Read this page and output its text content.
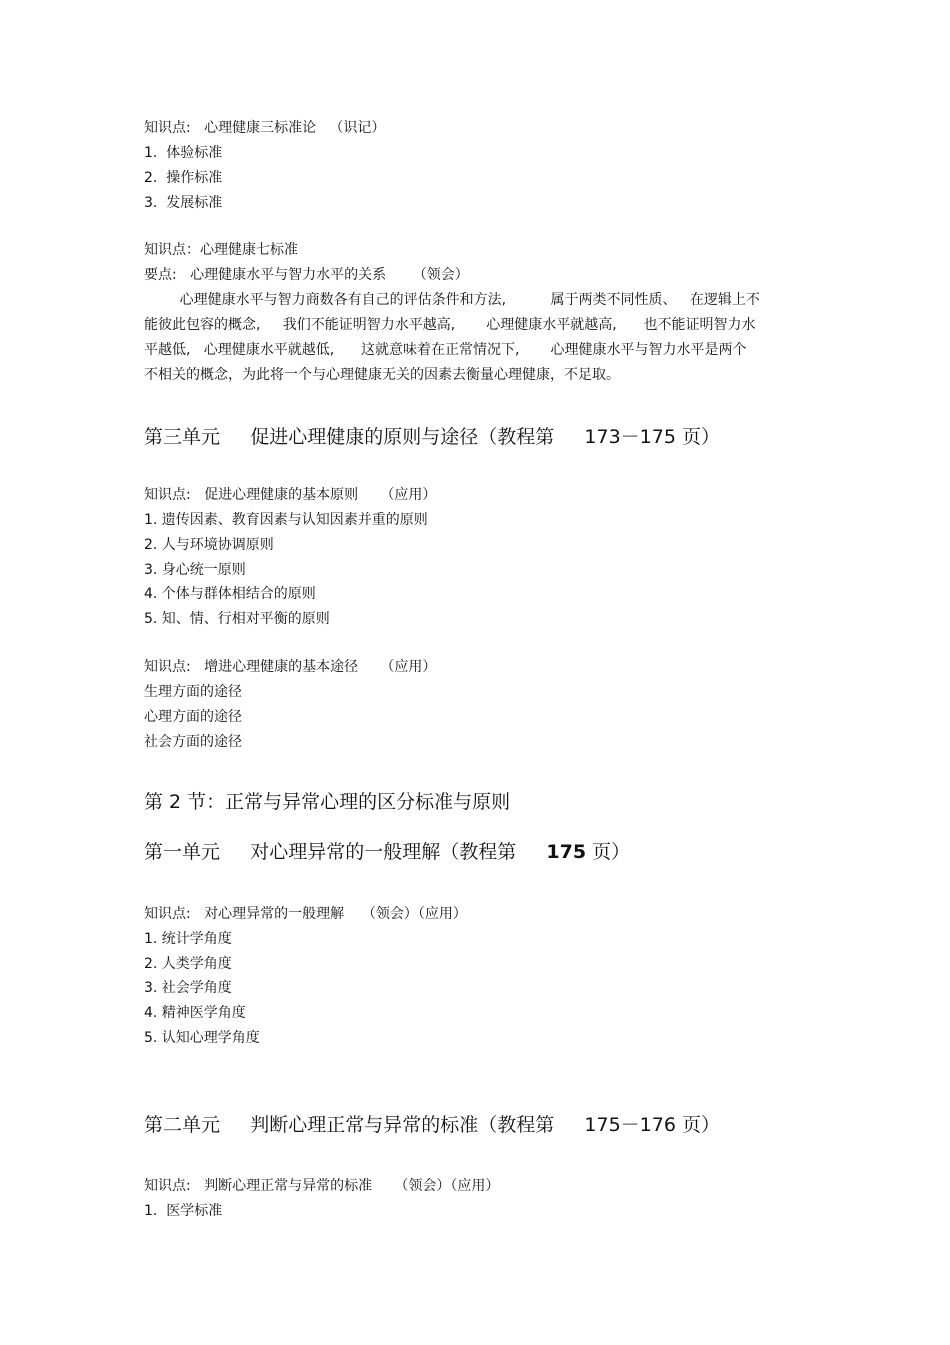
知识点:   心理健康三标准论   （识记）
1.  体验标准
2.  操作标准
3.  发展标准
知识点：心理健康七标准
要点:   心理健康水平与智力水平的关系      （领会）
心理健康水平与智力商数各有自己的评估条件和方法,          属于两类不同性质、   在逻辑上不
能彼此包容的概念,     我们不能证明智力水平越高,       心理健康水平就越高,      也不能证明智力水
平越低,   心理健康水平就越低,      这就意味着在正常情况下,       心理健康水平与智力水平是两个
不相关的概念，为此将一个与心理健康无关的因素去衡量心理健康，不足取。
第三单元     促进心理健康的原则与途径（教程第     173－175 页）
知识点:   促进心理健康的基本原则     （应用）
1. 遗传因素、教育因素与认知因素并重的原则
2. 人与环境协调原则
3. 身心统一原则
4. 个体与群体相结合的原则
5. 知、情、行相对平衡的原则
知识点:   增进心理健康的基本途径     （应用）
生理方面的途径
心理方面的途径
社会方面的途径
第 2 节：正常与异常心理的区分标准与原则
第一单元     对心理异常的一般理解（教程第     175 页）
知识点:   对心理异常的一般理解    （领会）（应用）
1. 统计学角度
2. 人类学角度
3. 社会学角度
4. 精神医学角度
5. 认知心理学角度
第二单元     判断心理正常与异常的标准（教程第     175－176 页）
知识点:   判断心理正常与异常的标准     （领会）（应用）
1.  医学标准
